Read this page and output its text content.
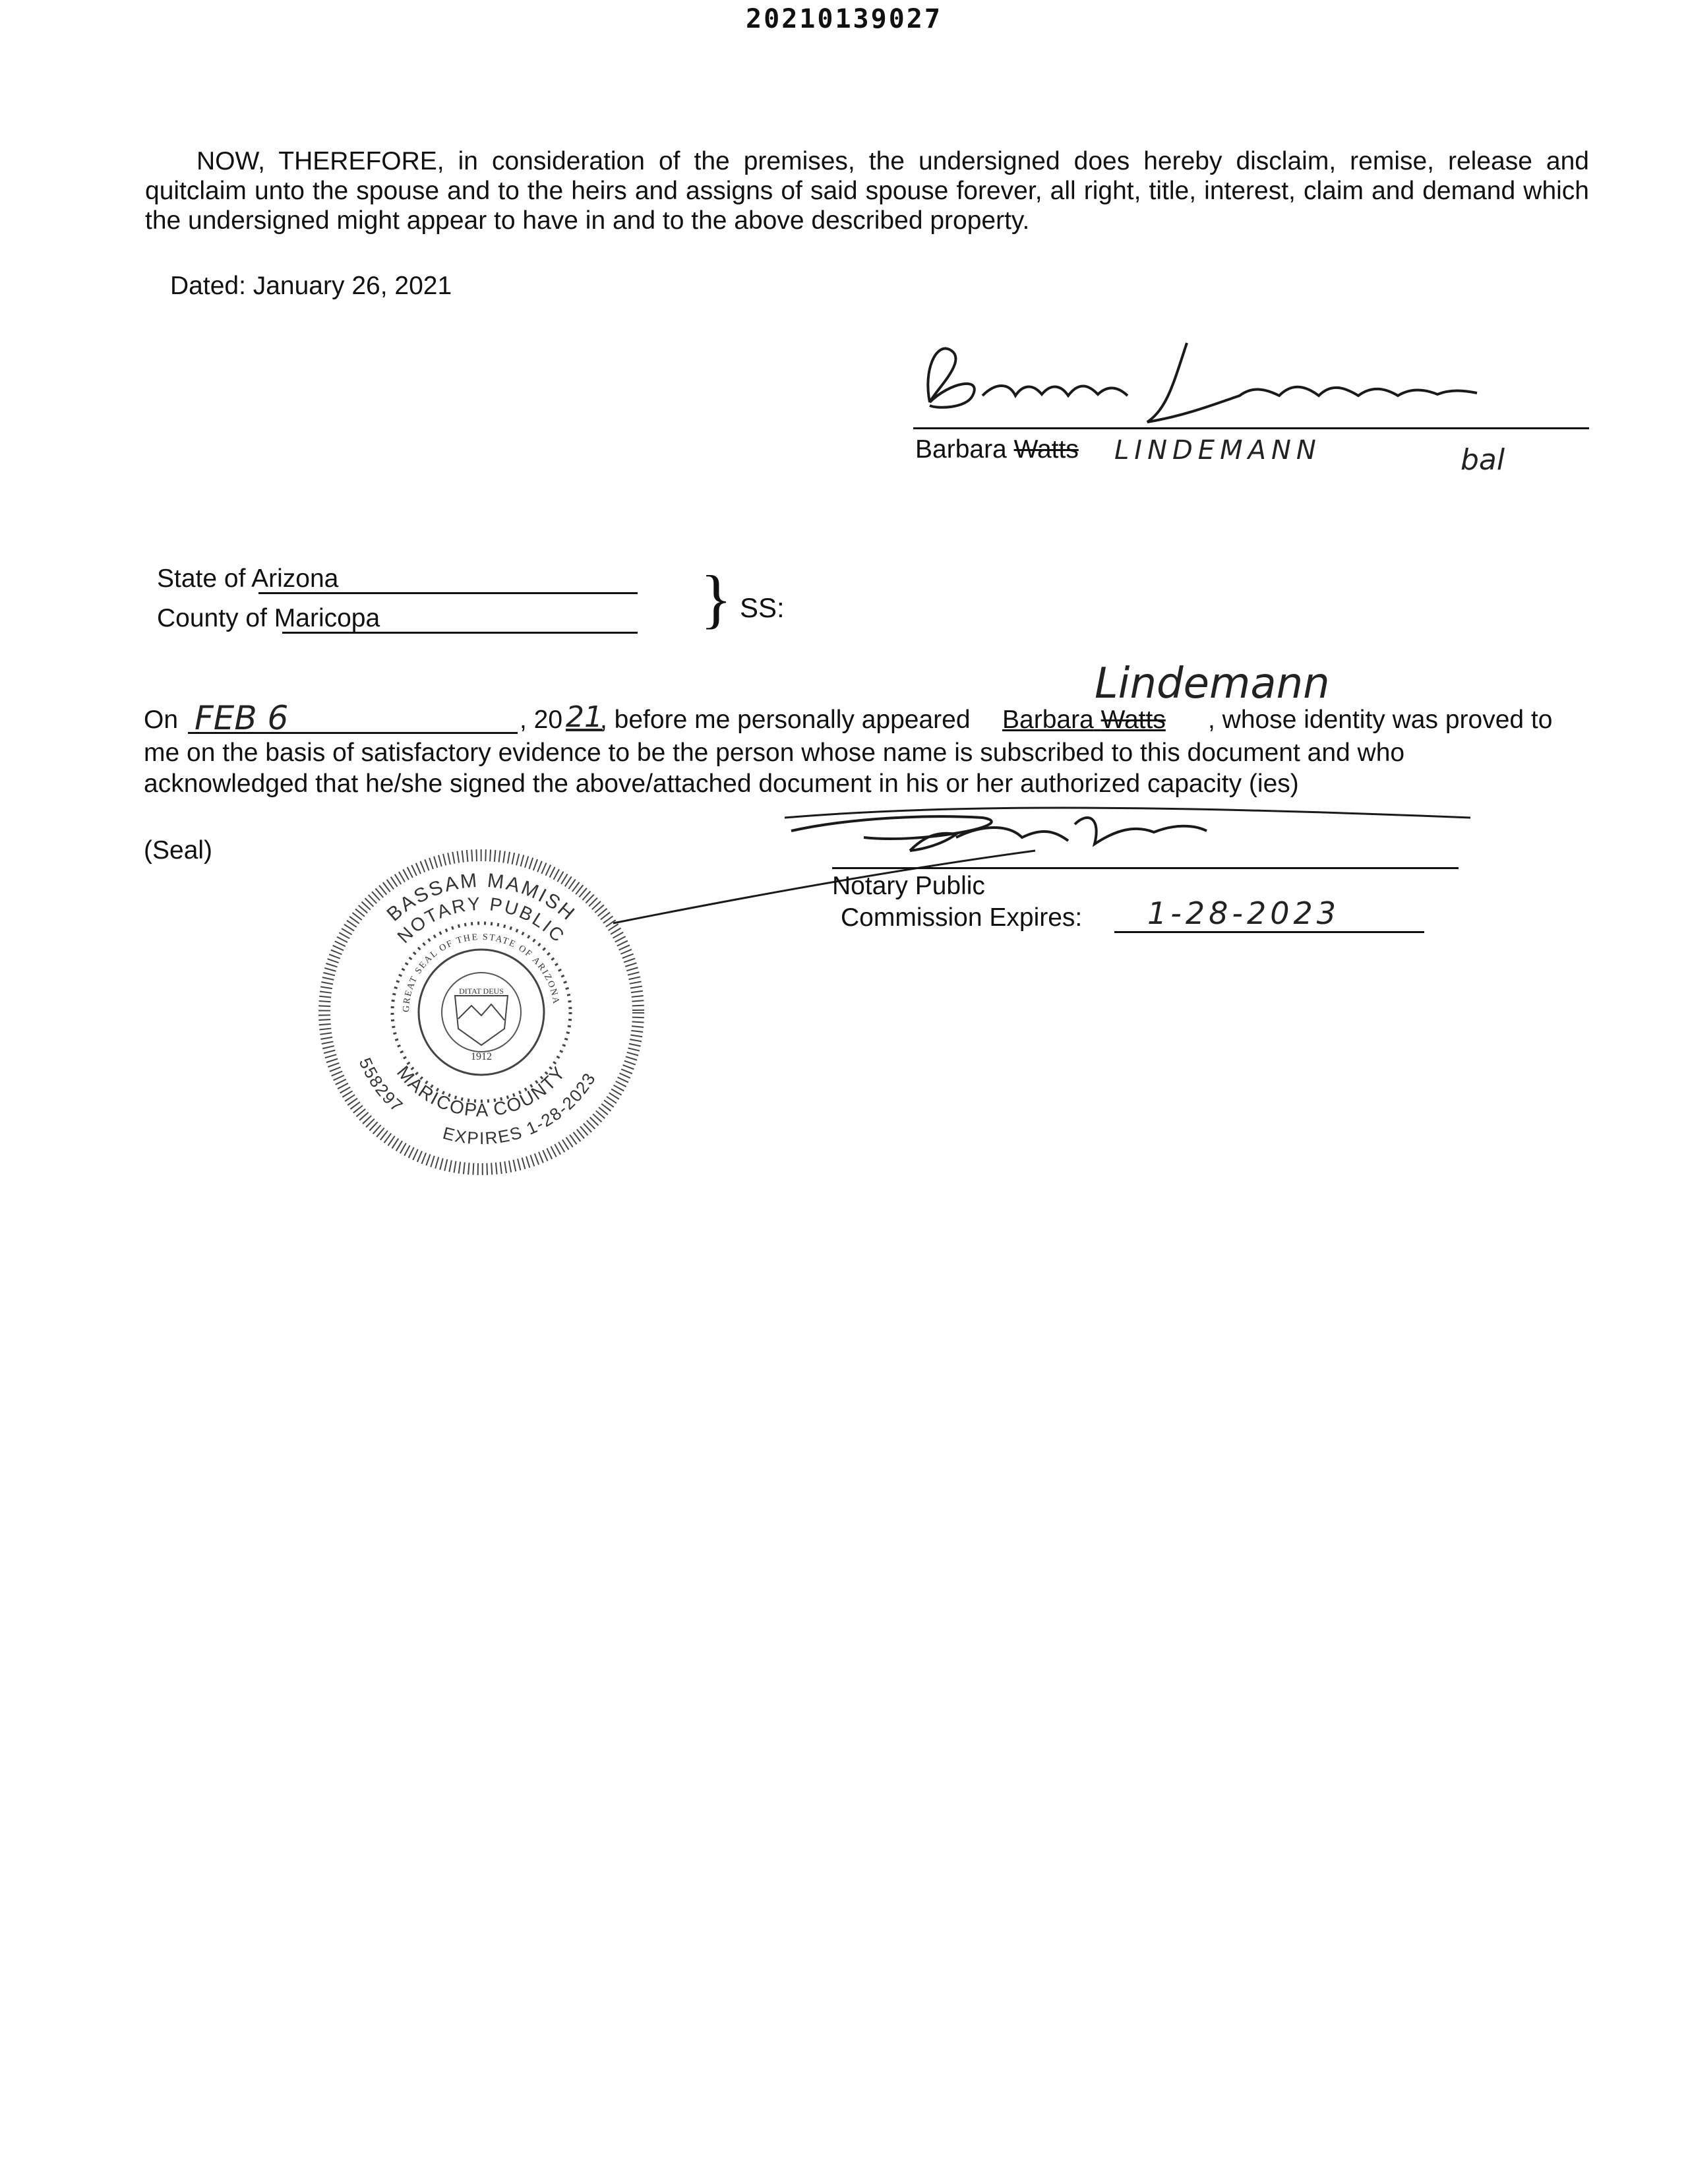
20210139027
NOW, THEREFORE, in consideration of the premises, the undersigned does hereby disclaim, remise, release and quitclaim unto the spouse and to the heirs and assigns of said spouse forever, all right, title, interest, claim and demand which the undersigned might appear to have in and to the above described property.
Dated: January 26, 2021
Barbara Watts LINDEMANN	bal
State of Arizona
County of Maricopa	} SS:
Lindemann
On FEB 6	, 20 21
, before me personally appeared Barbara Watts , whose identity was proved to
me on the basis of satisfactory evidence to be the person whose name is subscribed to this document and who
acknowledged that he/she signed the above/attached document in his or her authorized capacity (ies)
(Seal)
Notary Public
Commission Expires: 1-28-2023
BASSAM MAMISH
NOTARY PUBLIC
GREAT SEAL OF THE STATE OF ARIZONA
DITAT DEUS
1912
MARICOPA COUNTY
558297
EXPIRES 1-28-2023
